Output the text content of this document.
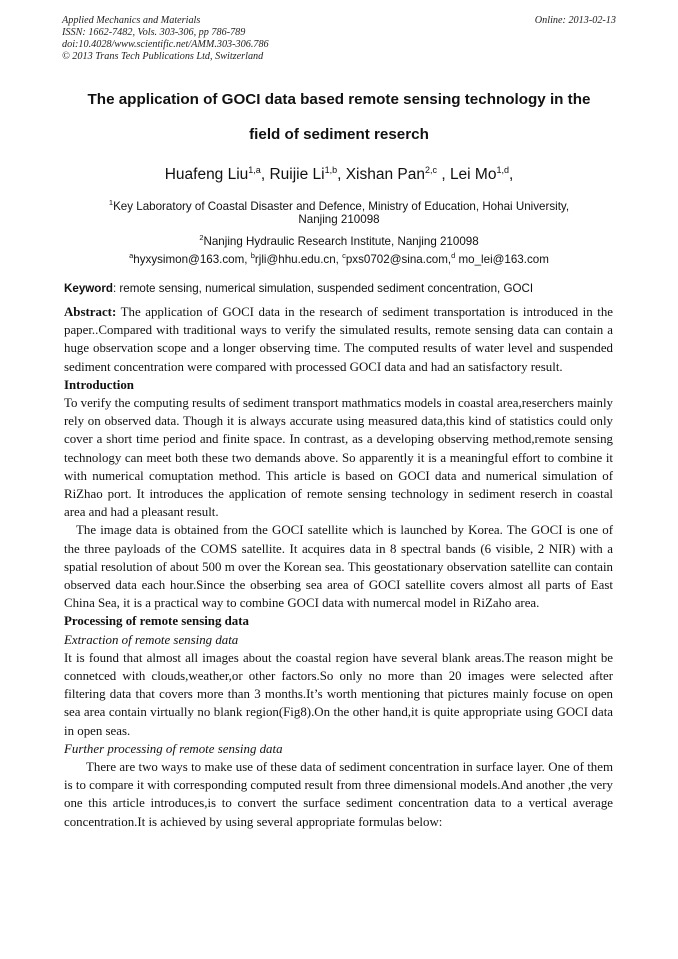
Applied Mechanics and Materials
ISSN: 1662-7482, Vols. 303-306, pp 786-789
doi:10.4028/www.scientific.net/AMM.303-306.786
© 2013 Trans Tech Publications Ltd, Switzerland
Online: 2013-02-13
The application of GOCI data based remote sensing technology in the
field of sediment reserch
Huafeng Liu$^{1,a}$, Ruijie Li$^{1,b}$, Xishan Pan$^{2,c}$ , Lei Mo$^{1,d}$,
$^1$Key Laboratory of Coastal Disaster and Defence, Ministry of Education, Hohai University,
Nanjing 210098
$^2$Nanjing Hydraulic Research Institute, Nanjing 210098
$^a$hyxysimon@163.com, $^b$rjli@hhu.edu.cn, $^c$pxs0702@sina.com,$^d$ mo_lei@163.com
Keyword: remote sensing, numerical simulation, suspended sediment concentration, GOCI

Abstract: The application of GOCI data in the research of sediment transportation is introduced in the paper..Compared with traditional ways to verify the simulated results, remote sensing data can contain a huge observation scope and a longer observing time. The computed results of water level and suspended sediment concentration were compared with processed GOCI data and had an satisfactory result.

Introduction

To verify the computing results of sediment transport mathmatics models in coastal area,reserchers mainly rely on observed data. Though it is always accurate using measured data,this kind of statistics could only cover a short time period and finite space. In contrast, as a developing observing method,remote sensing technology can meet both these two demands above. So apparently it is a meaningful effort to combine it with numerical comuptation method. This article is based on GOCI data and numerical simulation of RiZhao port. It introduces the application of remote sensing technology in sediment reserch in coastal area and had a pleasant result.

The image data is obtained from the GOCI satellite which is launched by Korea. The GOCI is one of the three payloads of the COMS satellite. It acquires data in 8 spectral bands (6 visible, 2 NIR) with a spatial resolution of about 500 m over the Korean sea. This geostationary observation satellite can contain observed data each hour.Since the obserbing sea area of GOCI satellite covers almost all parts of East China Sea, it is a practical way to combine GOCI data with numercal model in RiZaho area.

Processing of remote sensing data

Extraction of remote sensing data

It is found that almost all images about the coastal region have several blank areas.The reason might be connetced with clouds,weather,or other factors.So only no more than 20 images were selected after filtering data that covers more than 3 months.It’s worth mentioning that pictures mainly focuse on open sea area contain virtually no blank region(Fig8).On the other hand,it is quite appropriate using GOCI data in open seas.

Further processing of remote sensing data

There are two ways to make use of these data of sediment concentration in surface layer. One of them is to compare it with corresponding computed result from three dimensional models.And another ,the very one this article introduces,is to convert the surface sediment concentration data to a vertical average concentration.It is achieved by using several appropriate formulas below:
